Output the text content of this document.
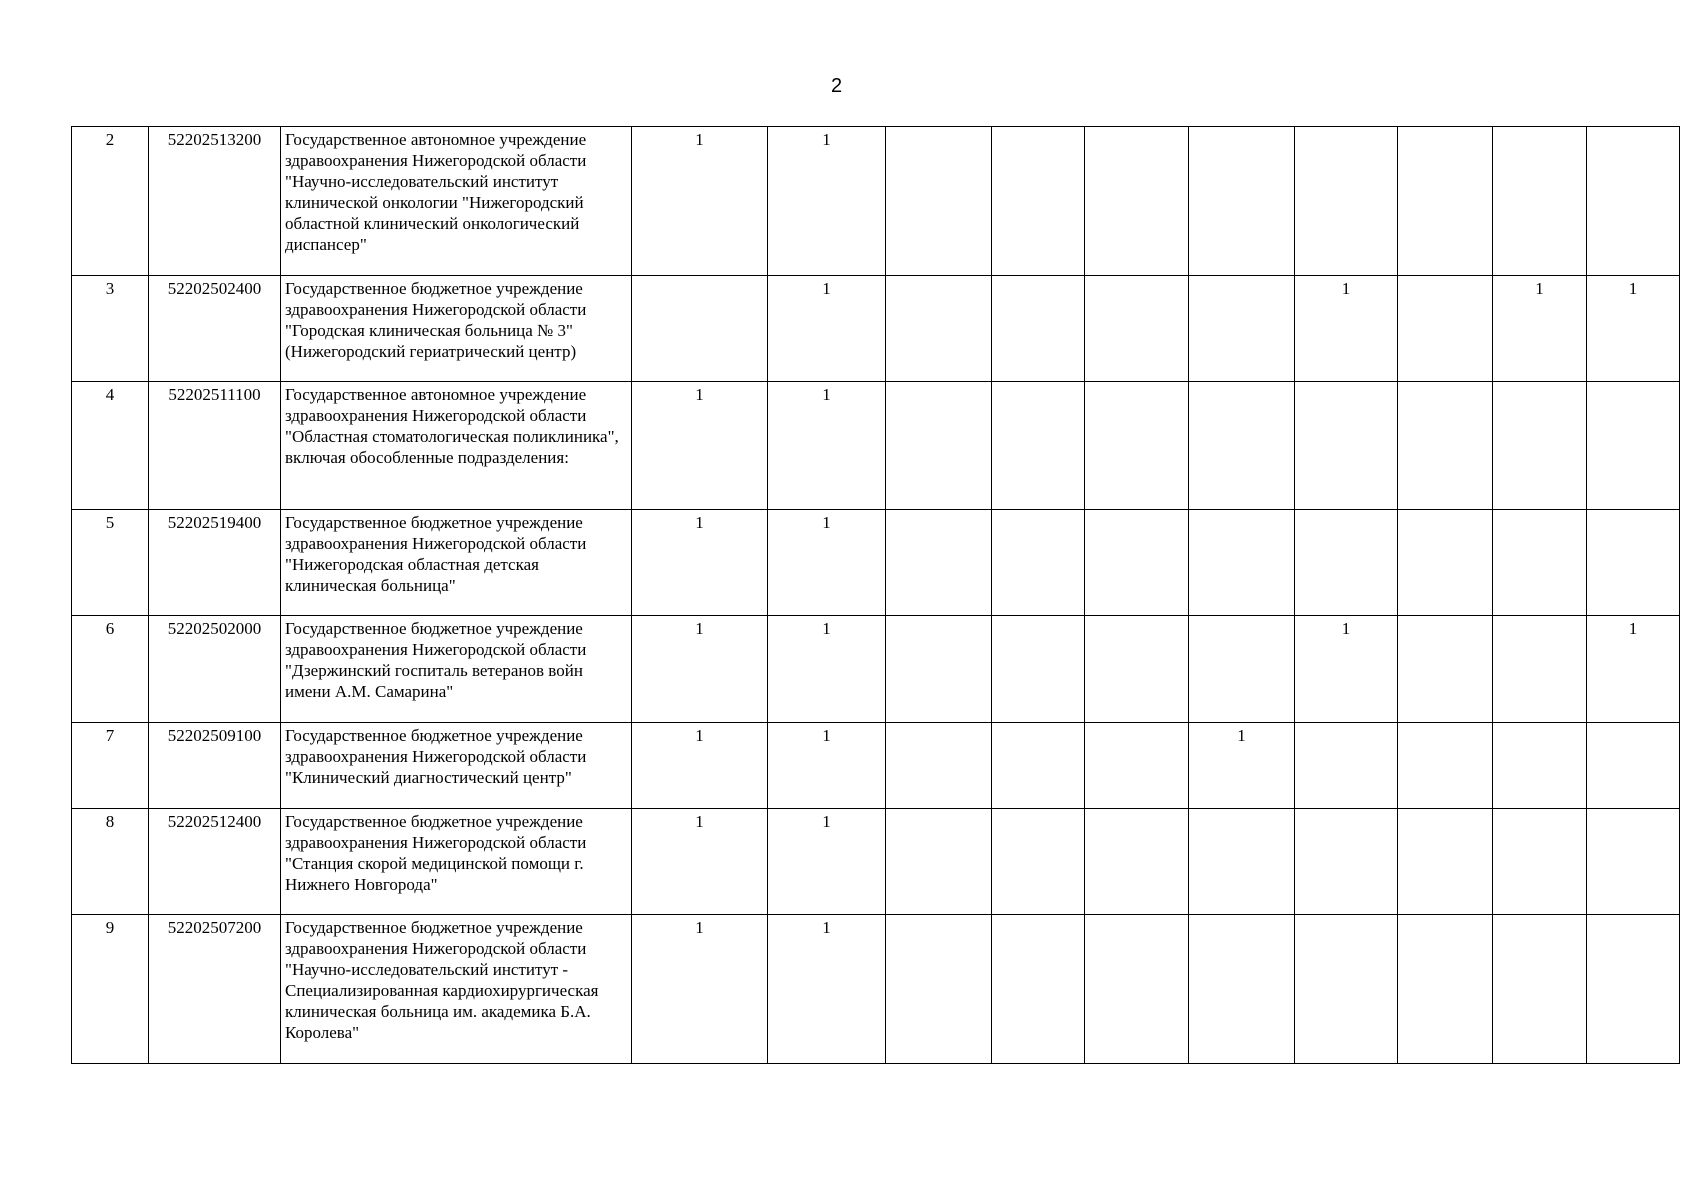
2
2	52202513200	Государственное автономное учреждение здравоохранения Нижегородской области "Научно-исследовательский институт клинической онкологии "Нижегородский областной клинический онкологический диспансер"	1	1								
3	52202502400	Государственное бюджетное учреждение здравоохранения Нижегородской области "Городская клиническая больница № 3" (Нижегородский гериатрический центр)		1					1		1	1
4	52202511100	Государственное автономное учреждение здравоохранения Нижегородской области "Областная стоматологическая поликлиника", включая обособленные подразделения:	1	1								
5	52202519400	Государственное бюджетное учреждение здравоохранения Нижегородской области "Нижегородская областная детская клиническая больница"	1	1								
6	52202502000	Государственное бюджетное учреждение здравоохранения Нижегородской области "Дзержинский госпиталь ветеранов войн имени А.М. Самарина"	1	1					1			1
7	52202509100	Государственное бюджетное учреждение здравоохранения Нижегородской области "Клинический диагностический центр"	1	1				1				
8	52202512400	Государственное бюджетное учреждение здравоохранения Нижегородской области "Станция скорой медицинской помощи г. Нижнего Новгорода"	1	1								
9	52202507200	Государственное бюджетное учреждение здравоохранения Нижегородской области "Научно-исследовательский институт - Специализированная кардиохирургическая клиническая больница им. академика Б.А. Королева"	1	1								
